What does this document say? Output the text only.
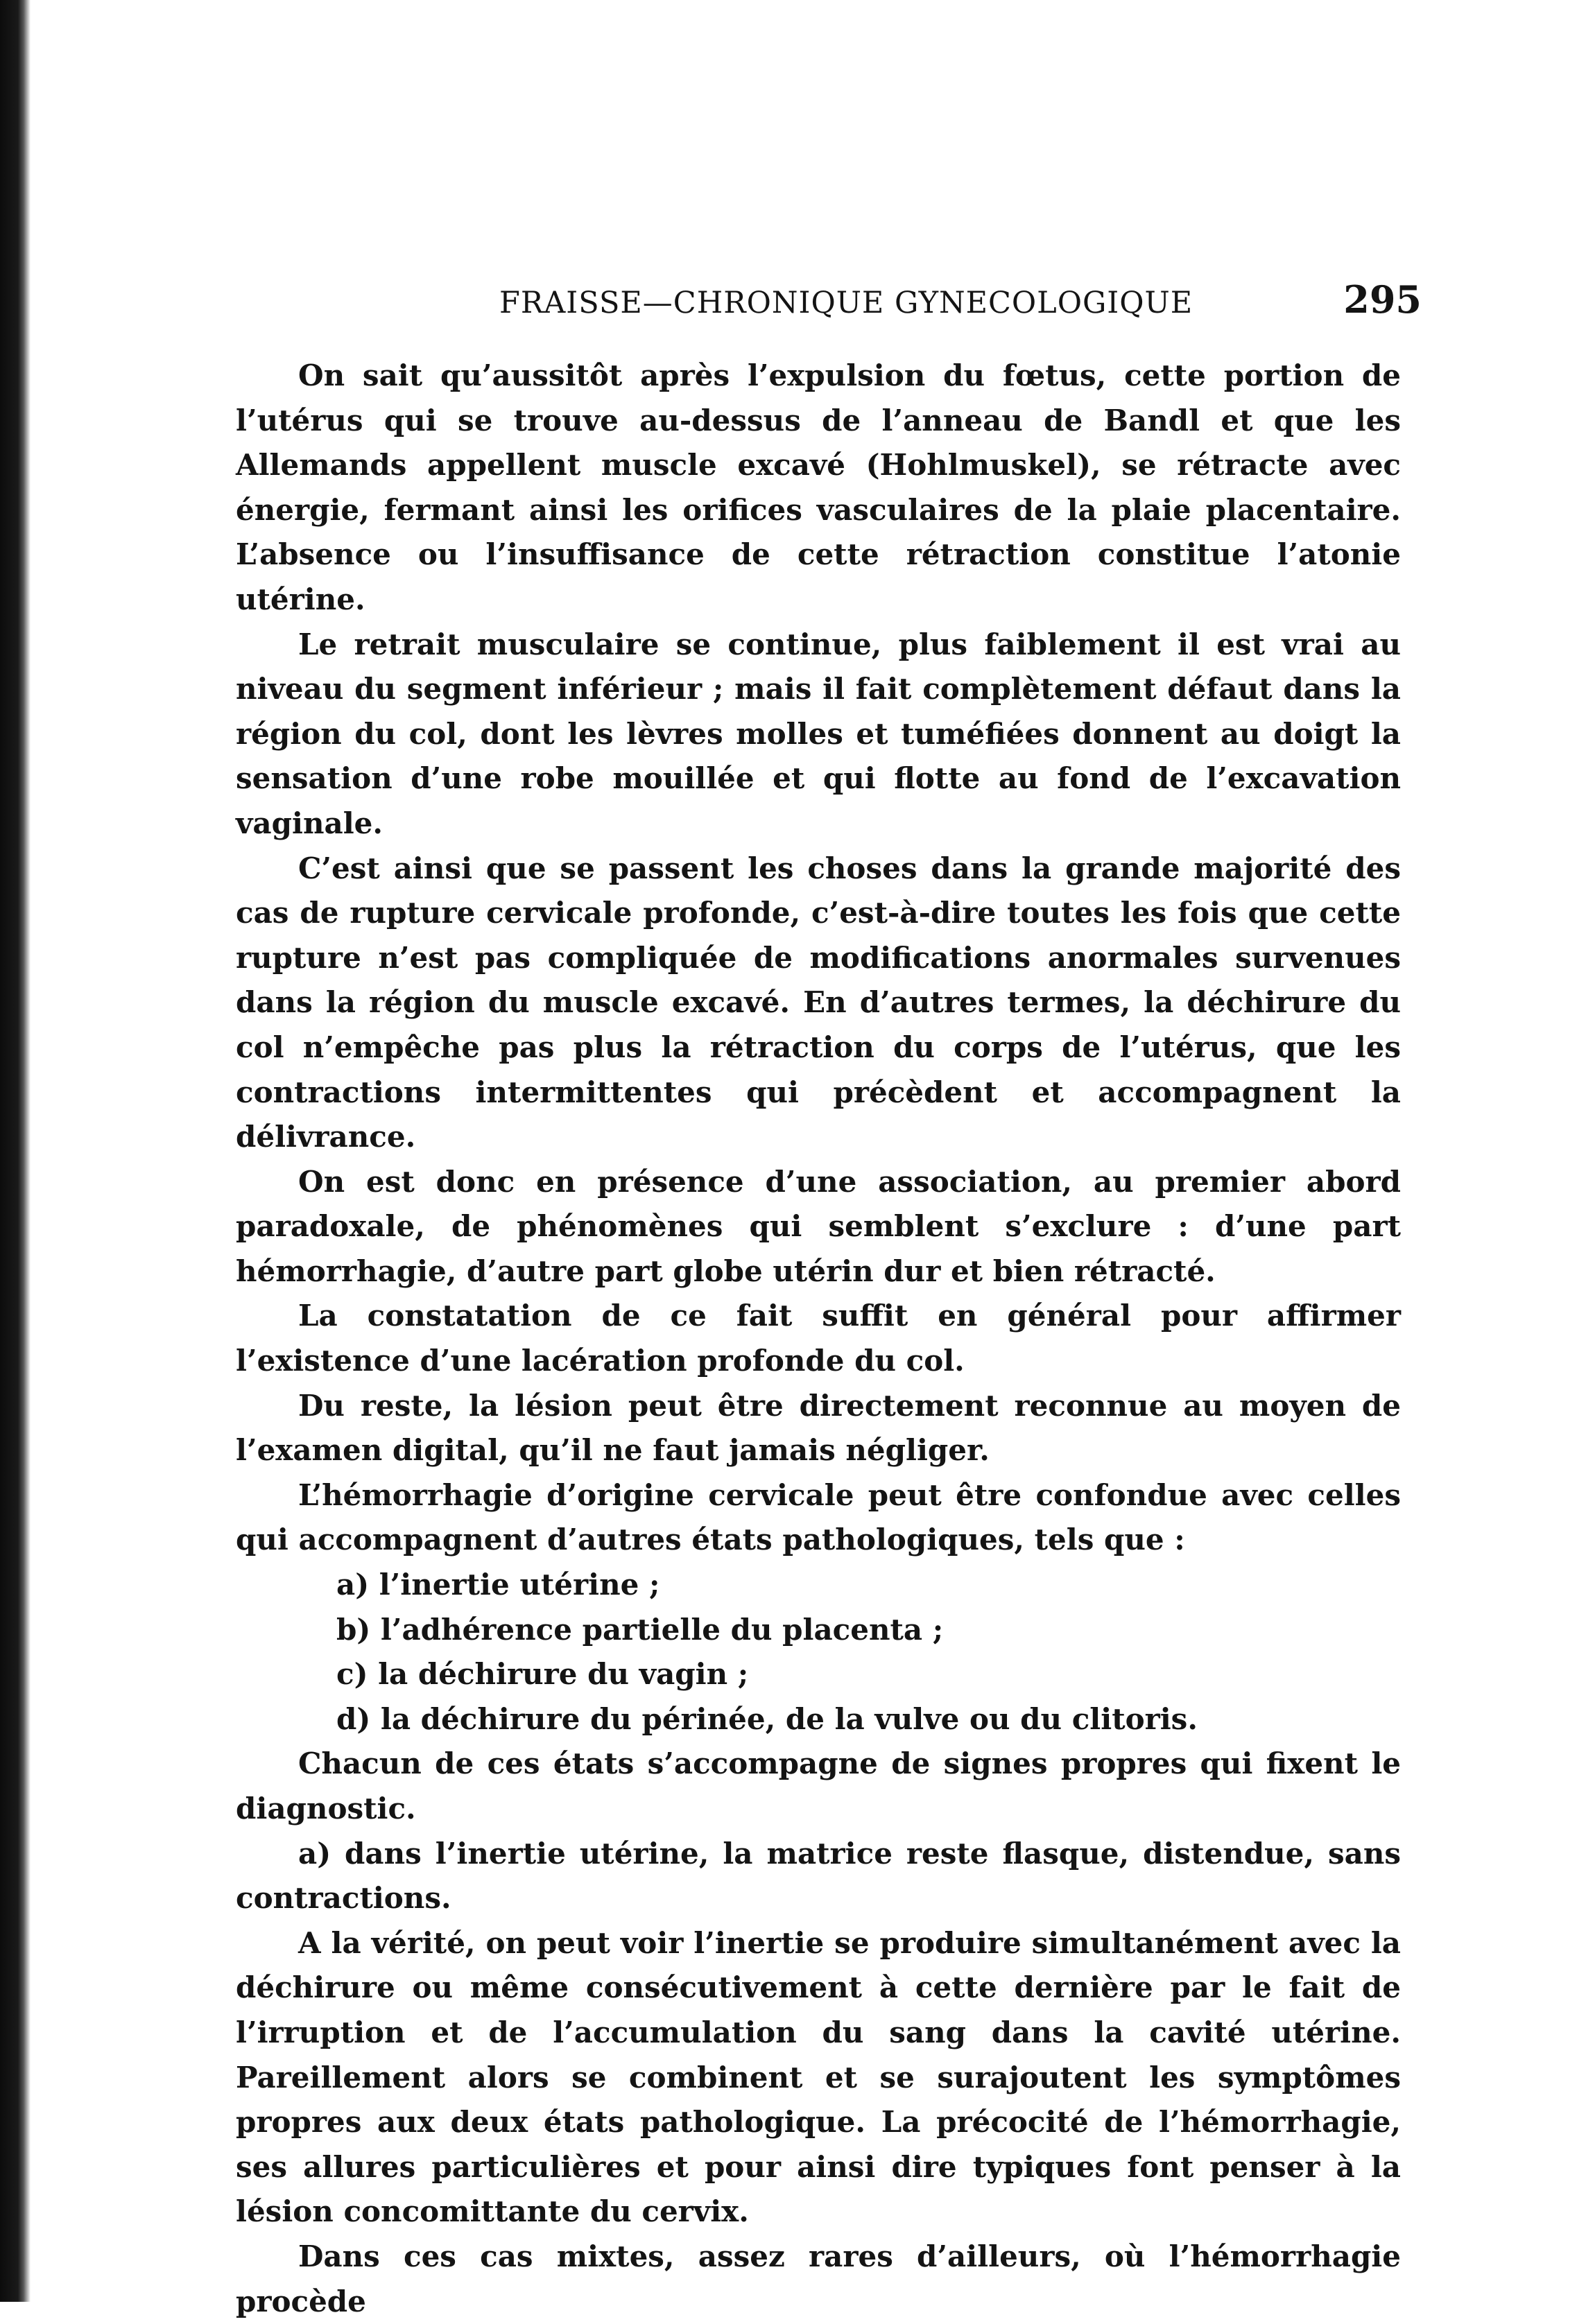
FRAISSE—CHRONIQUE GYNECOLOGIQUE	295

On sait qu’aussitôt après l’expulsion du fœtus, cette portion de l’utérus qui se trouve au-dessus de l’anneau de Bandl et que les Allemands appellent muscle excavé (Hohlmuskel), se rétracte avec énergie, fermant ainsi les orifices vasculaires de la plaie placentaire. L’absence ou l’insuffisance de cette rétraction constitue l’atonie utérine.

Le retrait musculaire se continue, plus faiblement il est vrai au niveau du segment inférieur ; mais il fait complètement défaut dans la région du col, dont les lèvres molles et tuméfiées donnent au doigt la sensation d’une robe mouillée et qui flotte au fond de l’excavation vaginale.

C’est ainsi que se passent les choses dans la grande majorité des cas de rupture cervicale profonde, c’est-à-dire toutes les fois que cette rupture n’est pas compliquée de modifications anormales survenues dans la région du muscle excavé. En d’autres termes, la déchirure du col n’empêche pas plus la rétraction du corps de l’utérus, que les contractions intermittentes qui précèdent et accompagnent la délivrance.

On est donc en présence d’une association, au premier abord paradoxale, de phénomènes qui semblent s’exclure : d’une part hémorrhagie, d’autre part globe utérin dur et bien rétracté.

La constatation de ce fait suffit en général pour affirmer l’existence d’une lacération profonde du col.

Du reste, la lésion peut être directement reconnue au moyen de l’examen digital, qu’il ne faut jamais négliger.

L’hémorrhagie d’origine cervicale peut être confondue avec celles qui accompagnent d’autres états pathologiques, tels que :

a) l’inertie utérine ;

b) l’adhérence partielle du placenta ;

c) la déchirure du vagin ;

d) la déchirure du périnée, de la vulve ou du clitoris.

Chacun de ces états s’accompagne de signes propres qui fixent le diagnostic.

a) dans l’inertie utérine, la matrice reste flasque, distendue, sans contractions.

A la vérité, on peut voir l’inertie se produire simultanément avec la déchirure ou même consécutivement à cette dernière par le fait de l’irruption et de l’accumulation du sang dans la cavité utérine. Pareillement alors se combinent et se surajoutent les symptômes propres aux deux états pathologique. La précocité de l’hémorrhagie, ses allures particulières et pour ainsi dire typiques font penser à la lésion concomittante du cervix.

Dans ces cas mixtes, assez rares d’ailleurs, où l’hémorrhagie procède
